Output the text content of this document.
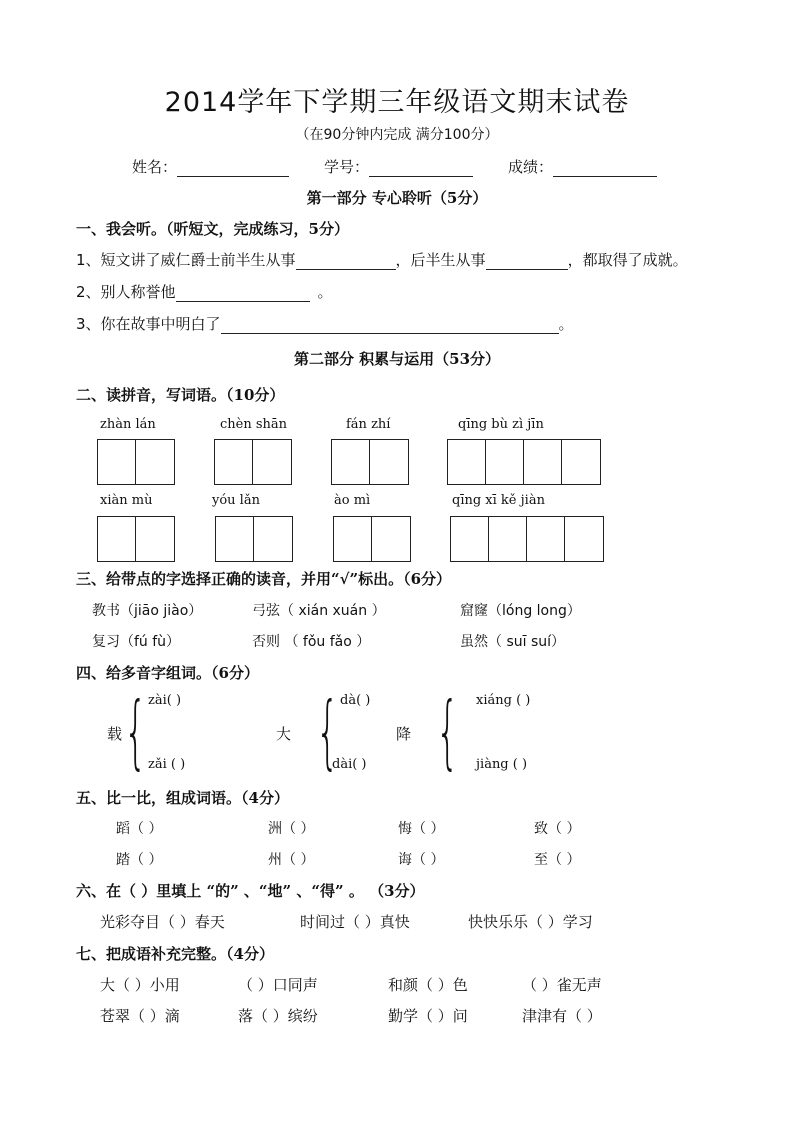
2014学年下学期三年级语文期末试卷
（在90分钟内完成 满分100分）
姓名：	学号：	成绩：
第一部分 专心聆听（5分）
一、我会听。（听短文，完成练习，5分）
1、短文讲了威仁爵士前半生从事	，后半生从事	，都取得了成就。
2、别人称誉他	。
3、你在故事中明白了	。
第二部分 积累与运用（53分）
二、读拼音，写词语。（10分）
zhàn lán	chèn shān	fán zhí	qīng bù zì jīn
xiàn mù	yóu lǎn	ào mì	qīng xī kě jiàn
三、给带点的字选择正确的读音，并用“√”标出。（6分）
教书（jiāo jiào）	弓弦（ xián xuán ）	窟窿（lóng long）
复习（fú fù）	否则 （ fǒu fǎo ）	虽然（ suī suí）
四、给多音字组词。（6分）
zài( )
载 { zǎi ( )
大 { dà( )
dài( )
降 { xiáng ( )
jiàng ( )
五、比一比，组成词语。（4分）
蹈（ ）	洲（ ）	悔（ ）	致（ ）
踏（ ）	州（ ）	诲（ ）	至（ ）
六、在（ ）里填上 “的” 、“地” 、“得” 。 （3分）
光彩夺目（ ）春天	时间过（ ）真快	快快乐乐（ ）学习
七、把成语补充完整。（4分）
大（ ）小用	（ ）口同声	和颜（ ）色	（ ）雀无声
苍翠（ ）滴	落（ ）缤纷	勤学（ ）问	津津有（ ）
